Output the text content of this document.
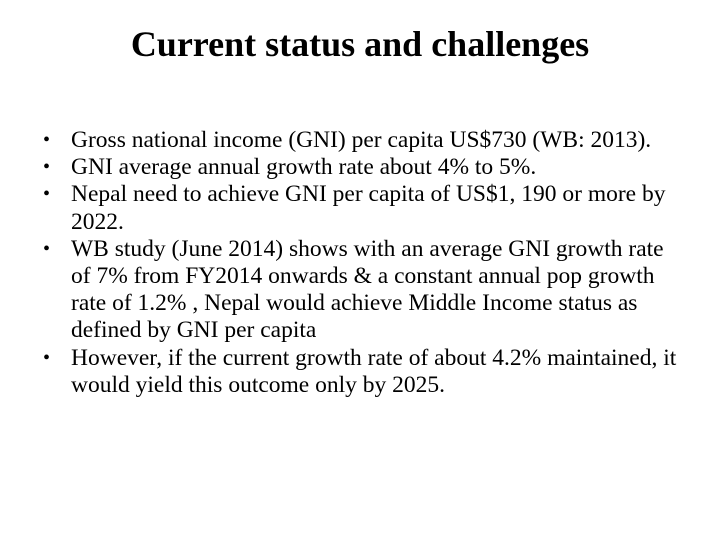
Current status and challenges
• Gross national income (GNI) per capita US$730 (WB: 2013).
• GNI average annual growth rate about 4% to 5%.
• Nepal need to achieve GNI per capita of US$1, 190 or more by 2022.
• WB study (June 2014) shows with an average GNI growth rate of 7% from FY2014 onwards & a constant annual pop growth rate of 1.2% , Nepal would achieve Middle Income status as defined by GNI per capita
• However, if the current growth rate of about 4.2% maintained, it would yield this outcome only by 2025.
